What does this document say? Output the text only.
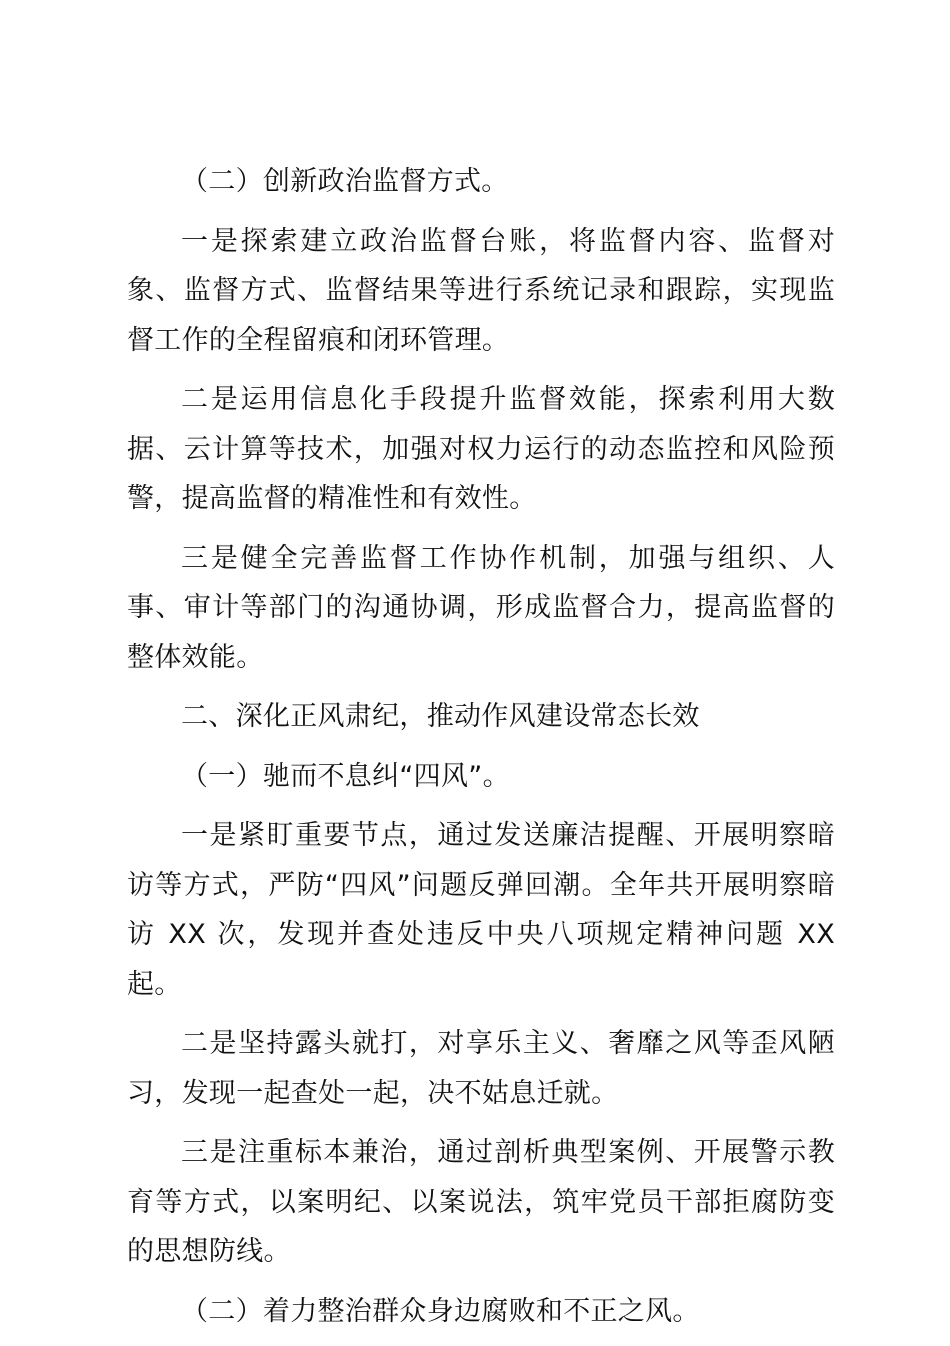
（二）创新政治监督方式。

一是探索建立政治监督台账，将监督内容、监督对象、监督方式、监督结果等进行系统记录和跟踪，实现监督工作的全程留痕和闭环管理。

二是运用信息化手段提升监督效能，探索利用大数据、云计算等技术，加强对权力运行的动态监控和风险预警，提高监督的精准性和有效性。

三是健全完善监督工作协作机制，加强与组织、人事、审计等部门的沟通协调，形成监督合力，提高监督的整体效能。

二、深化正风肃纪，推动作风建设常态长效

（一）驰而不息纠“四风”。

一是紧盯重要节点，通过发送廉洁提醒、开展明察暗访等方式，严防“四风”问题反弹回潮。全年共开展明察暗访 XX 次，发现并查处违反中央八项规定精神问题 XX 起。

二是坚持露头就打，对享乐主义、奢靡之风等歪风陋习，发现一起查处一起，决不姑息迁就。

三是注重标本兼治，通过剖析典型案例、开展警示教育等方式，以案明纪、以案说法，筑牢党员干部拒腐防变的思想防线。

（二）着力整治群众身边腐败和不正之风。
